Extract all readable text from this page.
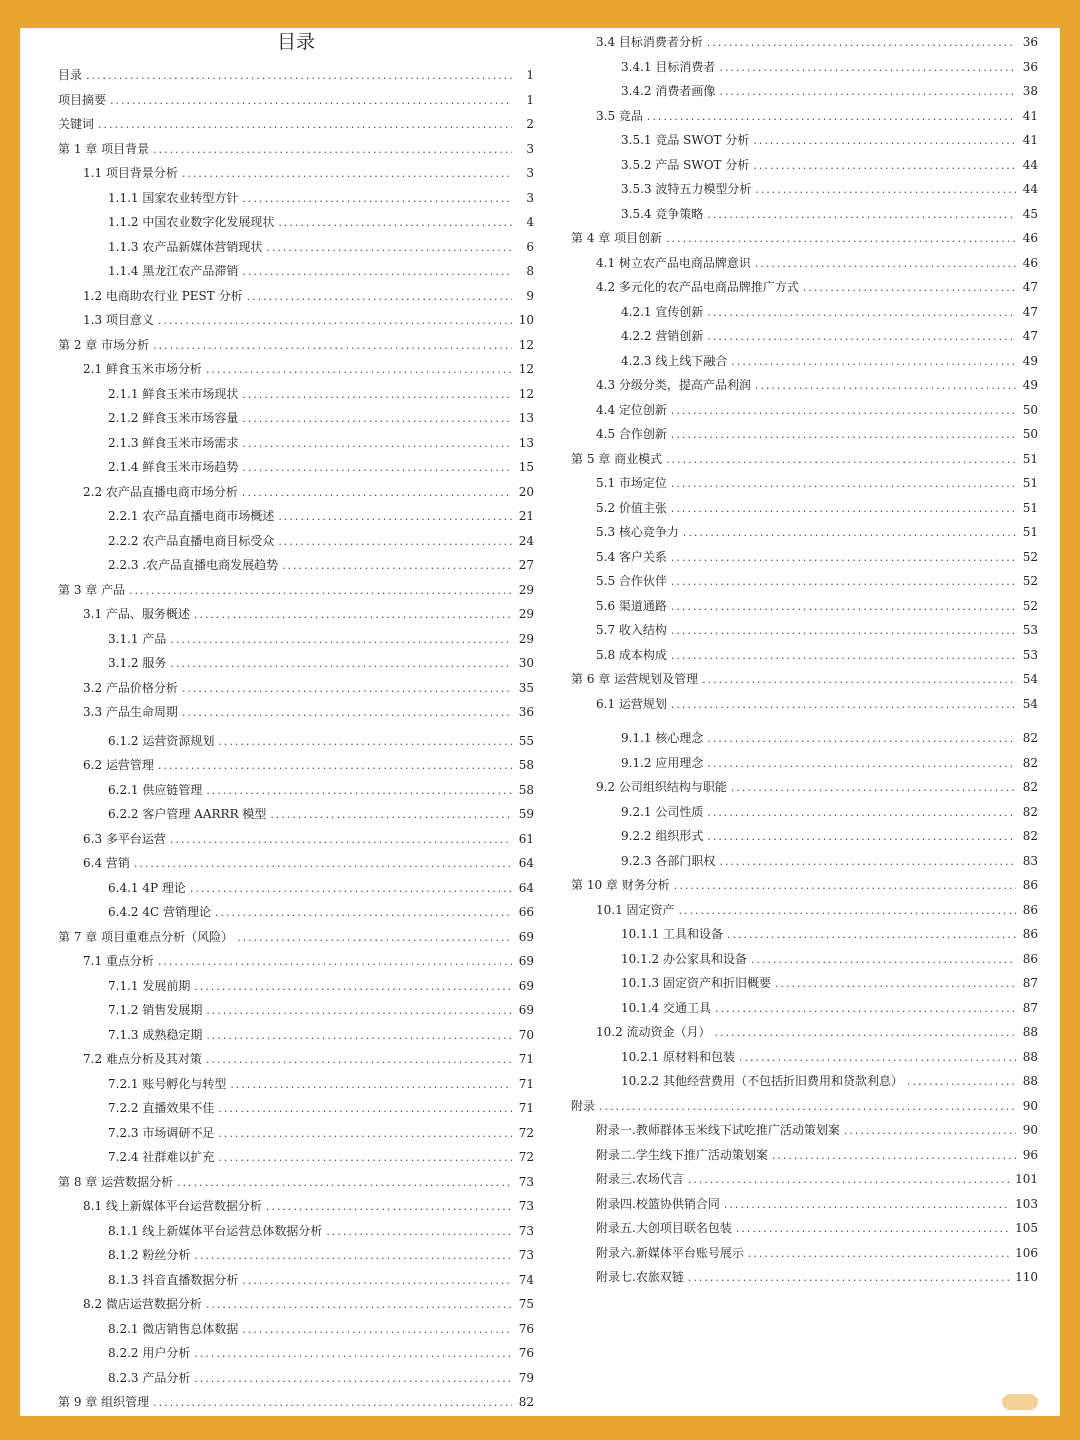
目录
目录 .....	1
项目摘要 .....	1
关键词 .....	2
第 1 章 项目背景 .....	3
1.1 项目背景分析 .....	3
1.1.1 国家农业转型方针 .....	3
1.1.2 中国农业数字化发展现状 .....	4
1.1.3 农产品新媒体营销现状 .....	6
1.1.4 黑龙江农产品滞销 .....	8
1.2 电商助农行业 PEST 分析 .....	9
1.3 项目意义 .....	10
第 2 章 市场分析 .....	12
2.1 鲜食玉米市场分析 .....	12
2.1.1 鲜食玉米市场现状 .....	12
2.1.2 鲜食玉米市场容量 .....	13
2.1.3 鲜食玉米市场需求 .....	13
2.1.4 鲜食玉米市场趋势 .....	15
2.2 农产品直播电商市场分析 .....	20
2.2.1 农产品直播电商市场概述 .....	21
2.2.2 农产品直播电商目标受众 .....	24
2.2.3 .农产品直播电商发展趋势 .....	27
第 3 章 产品 .....	29
3.1 产品、服务概述 .....	29
3.1.1 产品 .....	29
3.1.2 服务 .....	30
3.2 产品价格分析 .....	35
3.3 产品生命周期 .....	36
6.1.2 运营资源规划 .....	55
6.2 运营管理 .....	58
6.2.1 供应链管理 .....	58
6.2.2 客户管理 AARRR 模型 .....	59
6.3 多平台运营 .....	61
6.4 营销 .....	64
6.4.1 4P 理论 .....	64
6.4.2 4C 营销理论 .....	66
第 7 章 项目重难点分析（风险） .....	69
7.1 重点分析 .....	69
7.1.1 发展前期 .....	69
7.1.2 销售发展期 .....	69
7.1.3 成熟稳定期 .....	70
7.2 难点分析及其对策 .....	71
7.2.1 账号孵化与转型 .....	71
7.2.2 直播效果不佳 .....	71
7.2.3 市场调研不足 .....	72
7.2.4 社群难以扩充 .....	72
第 8 章 运营数据分析 .....	73
8.1 线上新媒体平台运营数据分析 .....	73
8.1.1 线上新媒体平台运营总体数据分析 .....	73
8.1.2 粉丝分析 .....	73
8.1.3 抖音直播数据分析 .....	74
8.2 微店运营数据分析 .....	75
8.2.1 微店销售总体数据 .....	76
8.2.2 用户分析 .....	76
8.2.3 产品分析 .....	79
第 9 章 组织管理 .....	82
3.4 目标消费者分析 .....	36
3.4.1 目标消费者 .....	36
3.4.2 消费者画像 .....	38
3.5 竞品 .....	41
3.5.1 竞品 SWOT 分析 .....	41
3.5.2 产品 SWOT 分析 .....	44
3.5.3 波特五力模型分析 .....	44
3.5.4 竞争策略 .....	45
第 4 章 项目创新 .....	46
4.1 树立农产品电商品牌意识 .....	46
4.2 多元化的农产品电商品牌推广方式 .....	47
4.2.1 宣传创新 .....	47
4.2.2 营销创新 .....	47
4.2.3 线上线下融合 .....	49
4.3 分级分类，提高产品利润 .....	49
4.4 定位创新 .....	50
4.5 合作创新 .....	50
第 5 章 商业模式 .....	51
5.1 市场定位 .....	51
5.2 价值主张 .....	51
5.3 核心竞争力 .....	51
5.4 客户关系 .....	52
5.5 合作伙伴 .....	52
5.6 渠道通路 .....	52
5.7 收入结构 .....	53
5.8 成本构成 .....	53
第 6 章 运营规划及管理 .....	54
6.1 运营规划 .....	54
9.1.1 核心理念 .....	82
9.1.2 应用理念 .....	82
9.2 公司组织结构与职能 .....	82
9.2.1 公司性质 .....	82
9.2.2 组织形式 .....	82
9.2.3 各部门职权 .....	83
第 10 章 财务分析 .....	86
10.1 固定资产 .....	86
10.1.1 工具和设备 .....	86
10.1.2 办公家具和设备 .....	86
10.1.3 固定资产和折旧概要 .....	87
10.1.4 交通工具 .....	87
10.2 流动资金（月） .....	88
10.2.1 原材料和包装 .....	88
10.2.2 其他经营费用（不包括折旧费用和贷款利息） .....	88
附录 .....	90
附录一.教师群体玉米线下试吃推广活动策划案 .....	90
附录二.学生线下推广活动策划案 .....	96
附录三.农场代言 .....	101
附录四.校篮协供销合同 .....	103
附录五.大创项目联名包装 .....	105
附录六.新媒体平台账号展示 .....	106
附录七.农旅双链 .....	110
